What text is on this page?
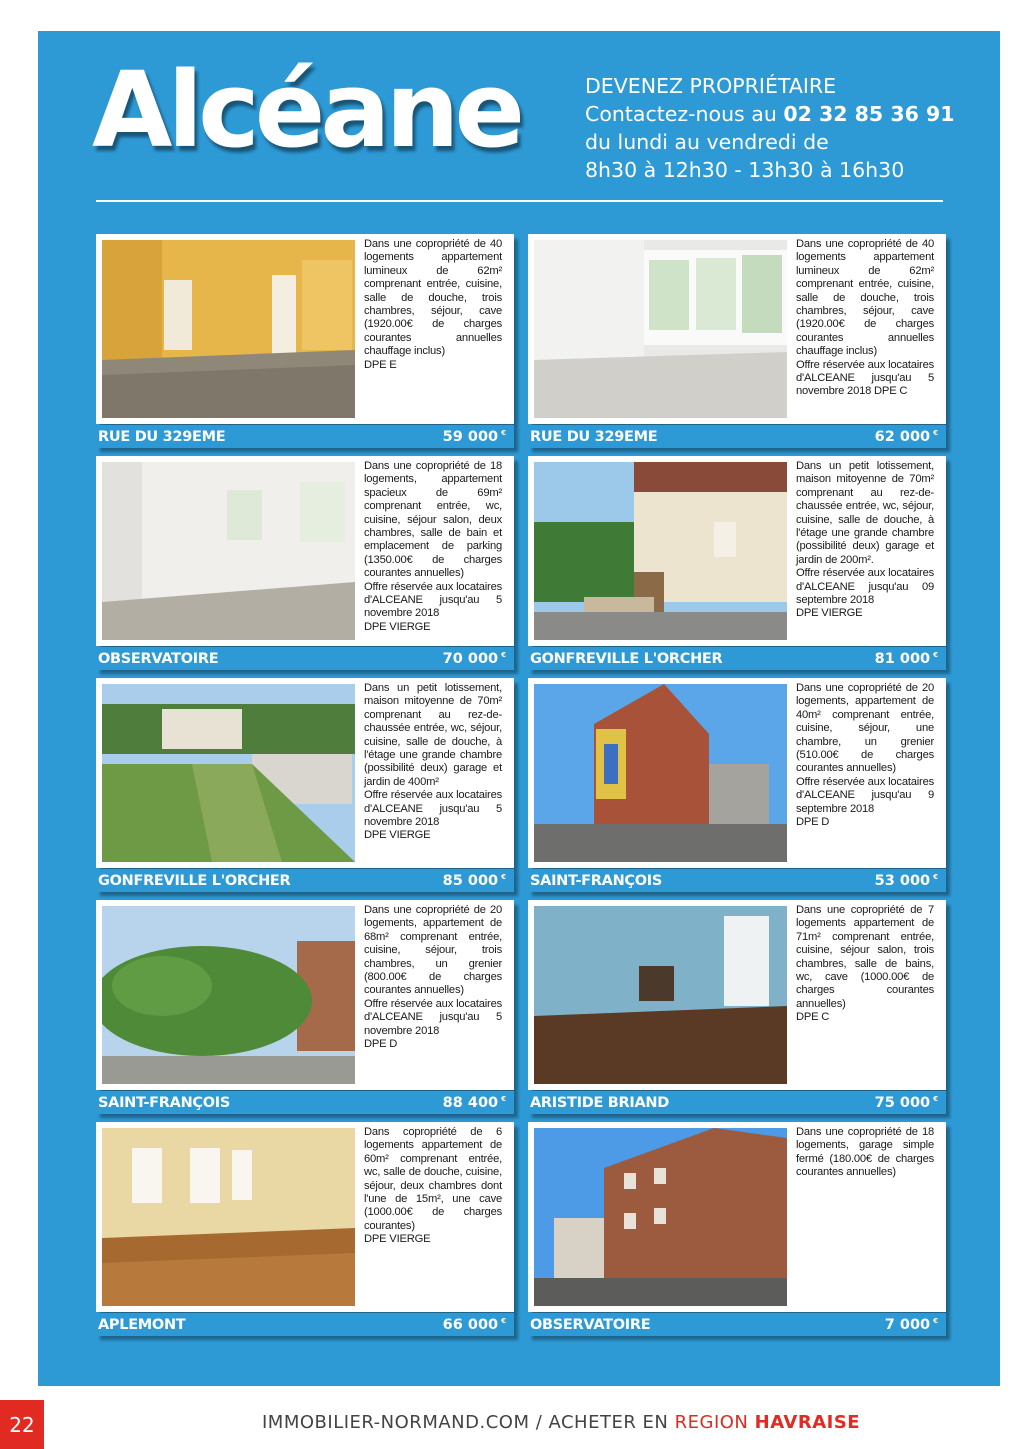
Alcéane	DEVENEZ PROPRIÉTAIRE
Contactez-nous au 02 32 85 36 91
du lundi au vendredi de
8h30 à 12h30 - 13h30 à 16h30
Dans une copropriété de 40 logements appartement lumineux de 62m² comprenant entrée, cuisine, salle de douche, trois chambres, séjour, cave (1920.00€ de charges courantes annuelles chauffage inclus)
DPE E
RUE DU 329EME	59 000 €
Dans une copropriété de 40 logements appartement lumineux de 62m² comprenant entrée, cuisine, salle de douche, trois chambres, séjour, cave (1920.00€ de charges courantes annuelles chauffage inclus)
Offre réservée aux locataires d'ALCEANE jusqu'au 5 novembre 2018 DPE C
RUE DU 329EME	62 000 €
Dans une copropriété de 18 logements, appartement spacieux de 69m² comprenant entrée, wc, cuisine, séjour salon, deux chambres, salle de bain et emplacement de parking (1350.00€ de charges courantes annuelles)
Offre réservée aux locataires d'ALCEANE jusqu'au 5 novembre 2018
DPE VIERGE
OBSERVATOIRE	70 000 €
Dans un petit lotissement, maison mitoyenne de 70m² comprenant au rez-de-chaussée entrée, wc, séjour, cuisine, salle de douche, à l'étage une grande chambre (possibilité deux) garage et jardin de 200m².
Offre réservée aux locataires d'ALCEANE jusqu'au 09 septembre 2018
DPE VIERGE
GONFREVILLE L'ORCHER	81 000 €
Dans un petit lotissement, maison mitoyenne de 70m² comprenant au rez-de-chaussée entrée, wc, séjour, cuisine, salle de douche, à l'étage une grande chambre (possibilité deux) garage et jardin de 400m²
Offre réservée aux locataires d'ALCEANE jusqu'au 5 novembre 2018
DPE VIERGE
GONFREVILLE L'ORCHER	85 000 €
Dans une copropriété de 20 logements, appartement de 40m² comprenant entrée, cuisine, séjour, une chambre, un grenier (510.00€ de charges courantes annuelles)
Offre réservée aux locataires d'ALCEANE jusqu'au 9 septembre 2018
DPE D
SAINT-FRANÇOIS	53 000 €
Dans une copropriété de 20 logements, appartement de 68m² comprenant entrée, cuisine, séjour, trois chambres, un grenier (800.00€ de charges courantes annuelles)
Offre réservée aux locataires d'ALCEANE jusqu'au 5 novembre 2018
DPE D
SAINT-FRANÇOIS	88 400 €
Dans une copropriété de 7 logements appartement de 71m² comprenant entrée, cuisine, séjour salon, trois chambres, salle de bains, wc, cave (1000.00€ de charges courantes annuelles)
DPE C
ARISTIDE BRIAND	75 000 €
Dans copropriété de 6 logements appartement de 60m² comprenant entrée, wc, salle de douche, cuisine, séjour, deux chambres dont l'une de 15m², une cave (1000.00€ de charges courantes)
DPE VIERGE
APLEMONT	66 000 €
Dans une copropriété de 18 logements, garage simple fermé (180.00€ de charges courantes annuelles)
OBSERVATOIRE	7 000 €
22	IMMOBILIER-NORMAND.COM / ACHETER EN REGION HAVRAISE
